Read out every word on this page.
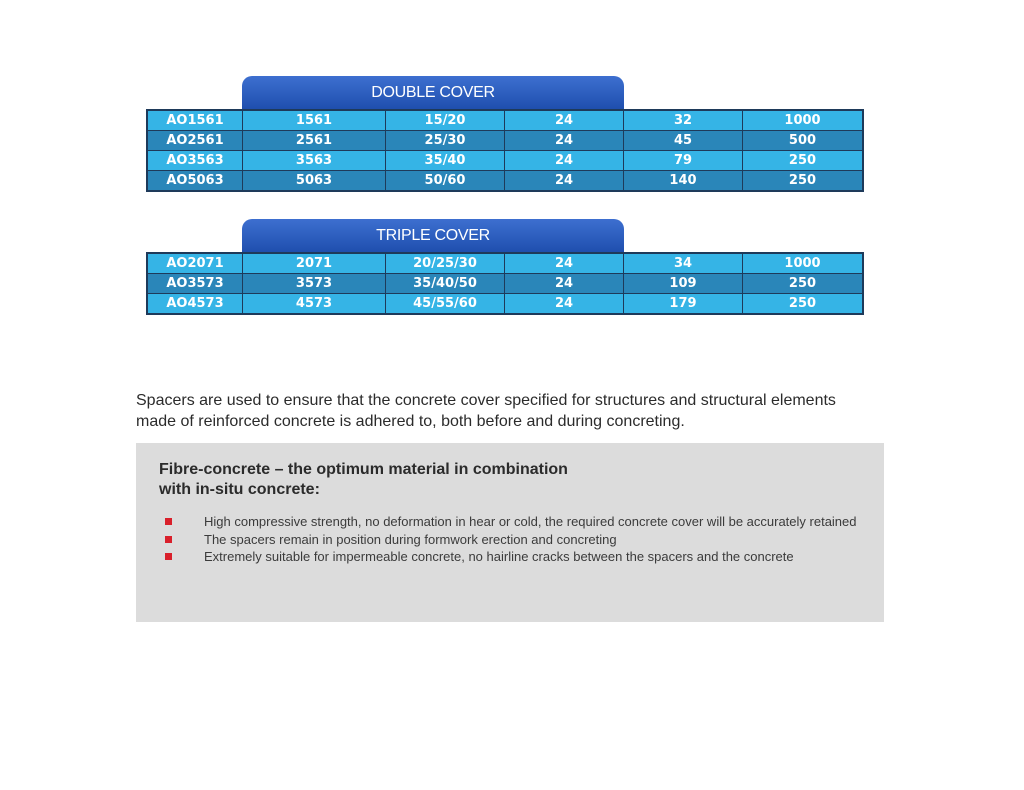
DOUBLE COVER
AO1561	1561	15/20	24	32	1000
AO2561	2561	25/30	24	45	500
AO3563	3563	35/40	24	79	250
AO5063	5063	50/60	24	140	250
TRIPLE COVER
AO2071	2071	20/25/30	24	34	1000
AO3573	3573	35/40/50	24	109	250
AO4573	4573	45/55/60	24	179	250

Spacers are used to ensure that the concrete cover specified for structures and structural elements made of reinforced concrete is adhered to, both before and during concreting.

Fibre-concrete – the optimum material in combination
with in-situ concrete:
High compressive strength, no deformation in hear or cold, the required concrete cover will be accurately retained
The spacers remain in position during formwork erection and concreting
Extremely suitable for impermeable concrete, no hairline cracks between the spacers and the concrete
